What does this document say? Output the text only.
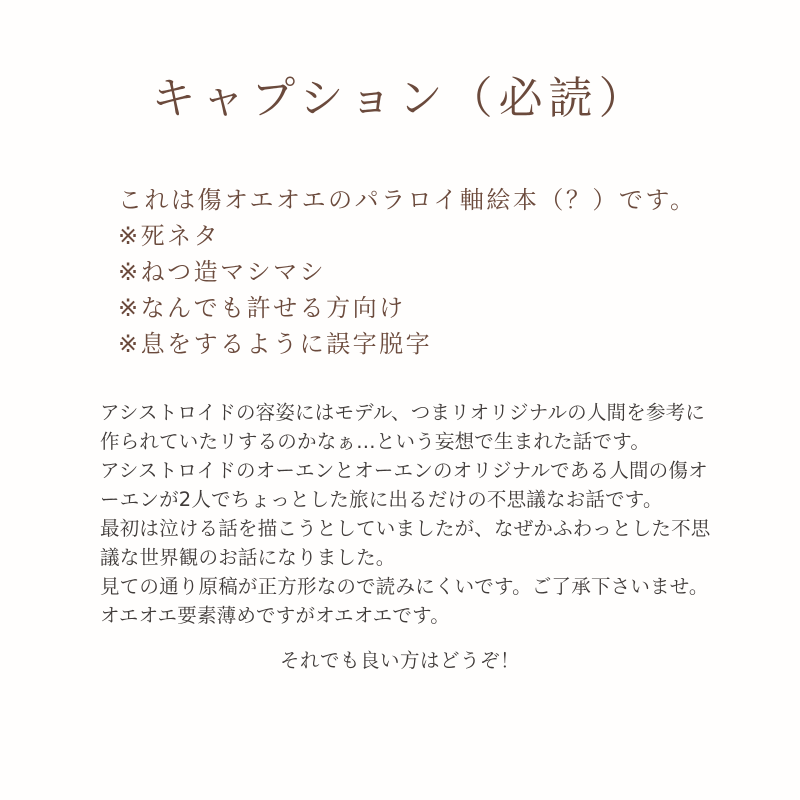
キャプション（必読）
これは傷オエオエのパラロイ軸絵本（？）です。
※死ネタ
※ねつ造マシマシ
※なんでも許せる方向け
※息をするように誤字脱字

アシストロイドの容姿にはモデル、つまリオリジナルの人間を参考に作られていたリするのかなぁ…という妄想で生まれた話です。

アシストロイドのオーエンとオーエンのオリジナルである人間の傷オーエンが2人でちょっとした旅に出るだけの不思議なお話です。

最初は泣ける話を描こうとしていましたが、なぜかふわっとした不思議な世界観のお話になりました。

見ての通り原稿が正方形なので読みにくいです。ご了承下さいませ。

オエオエ要素薄めですがオエオエです。

それでも良い方はどうぞ！
